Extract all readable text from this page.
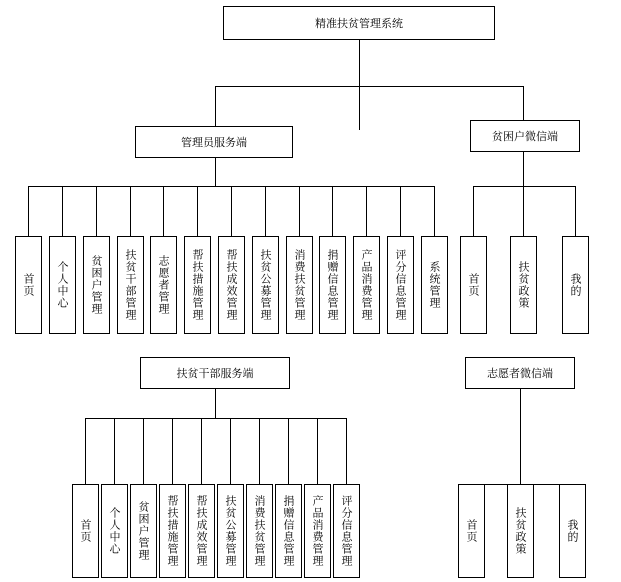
精准扶贫管理系统
管理员服务端	贫困户微信端
首页 个人中心 贫困户管理 扶贫干部管理 志愿者管理 帮扶措施管理 帮扶成效管理 扶贫公募管理 消费扶贫管理 捐赠信息管理 产品消费管理 评分信息管理 系统管理 首页	扶贫政策	我的
扶贫干部服务端	志愿者微信端
首页 个人中心 贫困户管理 帮扶措施管理 帮扶成效管理 扶贫公募管理 消费扶贫管理 捐赠信息管理 产品消费管理 评分信息管理	首页	扶贫政策	我的
